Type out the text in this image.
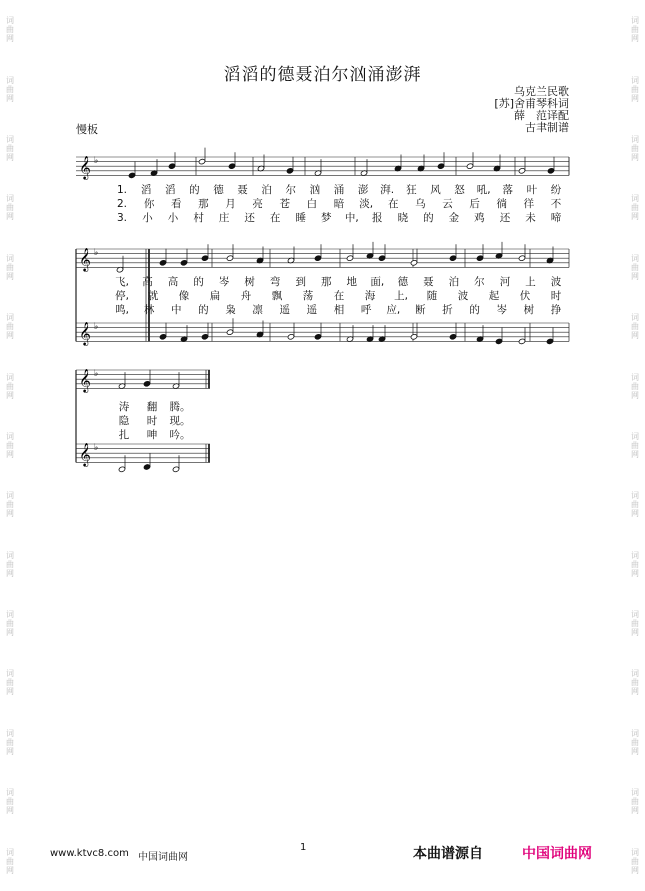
词
曲
网
词
曲
网
词
曲
网
词
曲
网
词
曲
网
词
曲
网
词
曲
网
词
曲
网
词
曲
网
词
曲
网
词
曲
网
词
曲
网
词
曲
网
词
曲
网
词
曲
网
词
曲
网
词
曲
网
词
曲
网
词
曲
网
词
曲
网
词
曲
网
词
曲
网
词
曲
网
词
曲
网
词
曲
网
词
曲
网
词
曲
网
词
曲
网
词
曲
网
词
曲
网
滔滔的德聂泊尔汹涌澎湃
乌克兰民歌
[苏]舍甫琴科词
薛　范译配
古聿制谱
慢板
𝄞 ♭
𝄞 ♭
𝄞 ♭
𝄞 ♭
𝄞 ♭
1. 滔 滔 的 德 聂 泊 尔 汹 涌 澎 湃. 狂 风 怒 吼, 落 叶 纷
2. 你 看 那 月 亮 苍 白 暗 淡, 在 乌 云 后 徜 徉 不
3. 小 小 村 庄 还 在 睡 梦 中, 报 晓 的 金 鸡 还 未 啼
飞, 高 高 的 岑 树 弯 到 那 地 面, 德 聂 泊 尔 河 上 波
停, 就 像 扁 舟 飘 荡 在 海 上, 随 波 起 伏 时
鸣, 林 中 的 枭 凛 遥 遥 相 呼 应, 断 折 的 岑 树 挣
涛 翻 腾。
隐 时 现。
扎 呻 吟。
1
www.ktvc8.com 中国词曲网	本曲谱源自	中国词曲网
